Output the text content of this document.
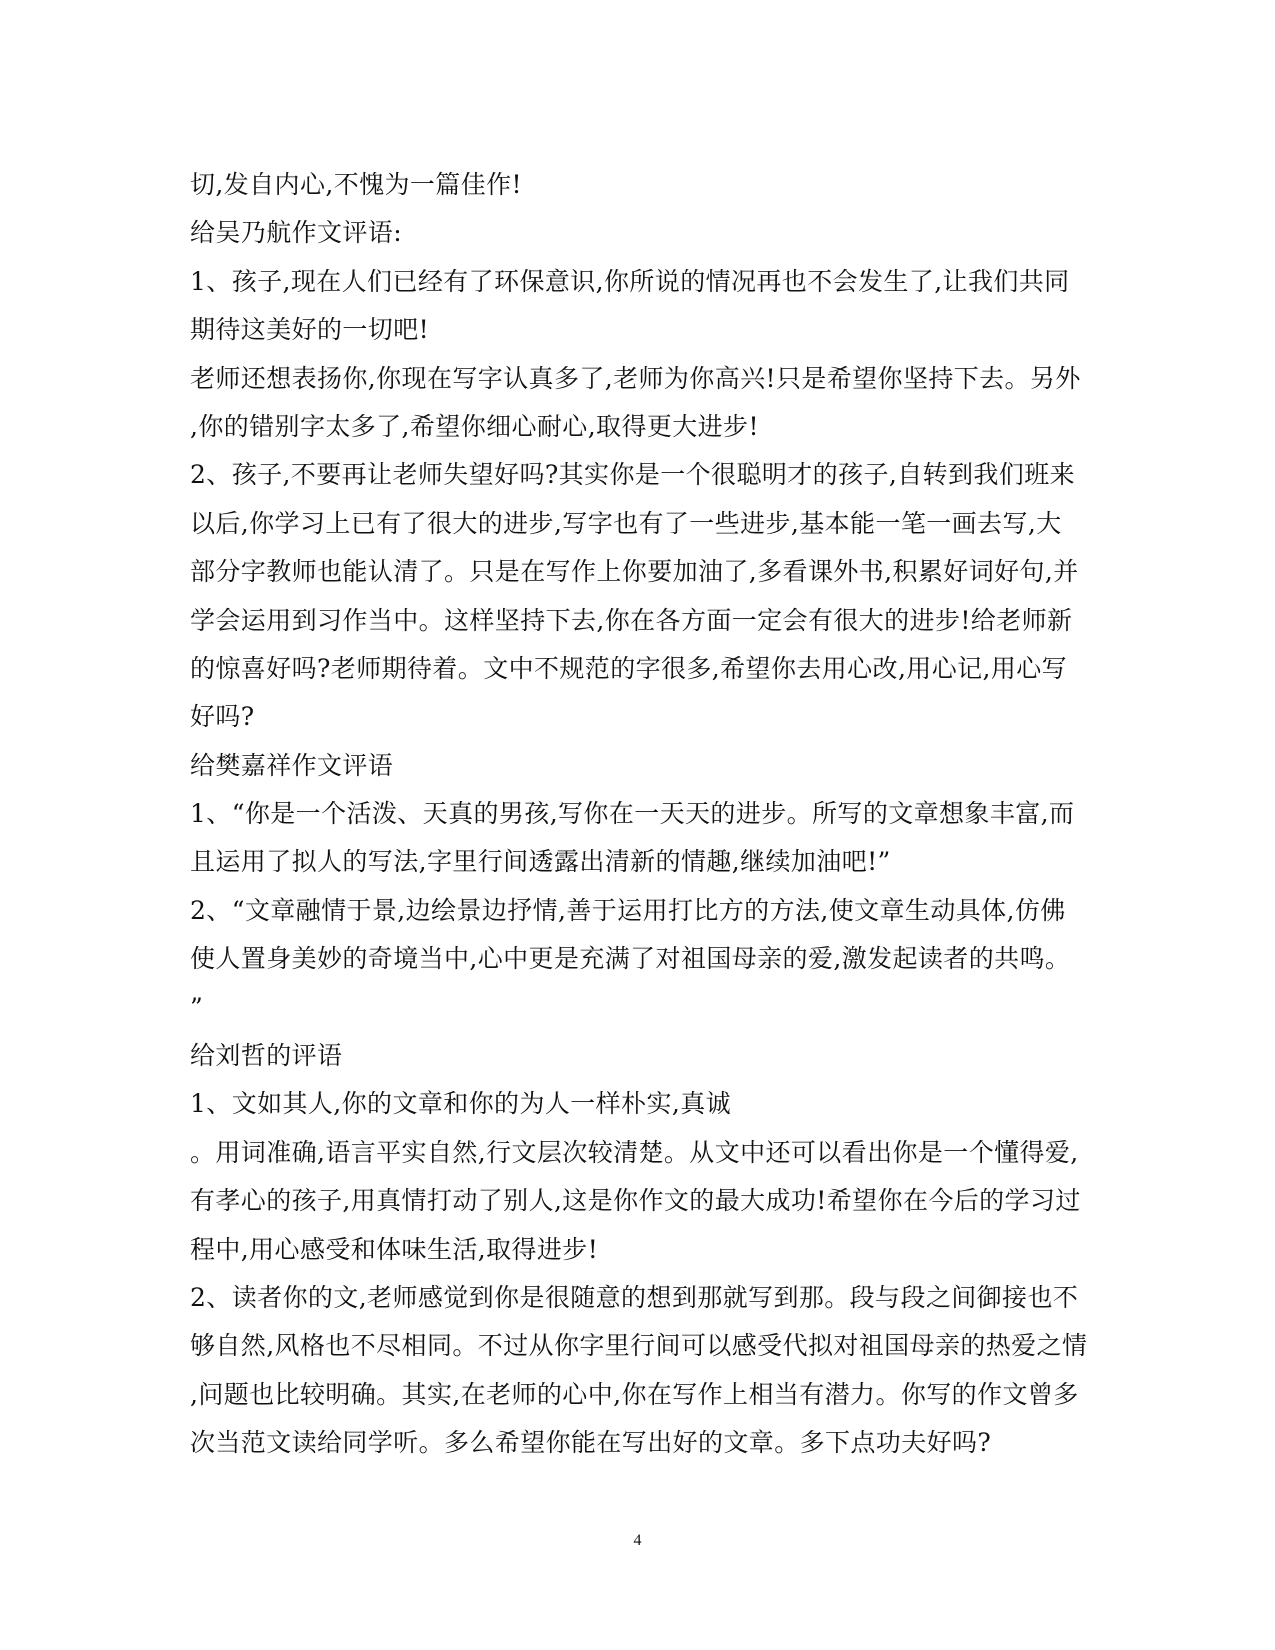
切,发自内心,不愧为一篇佳作!
给吴乃航作文评语:
1、孩子,现在人们已经有了环保意识,你所说的情况再也不会发生了,让我们共同
期待这美好的一切吧!
老师还想表扬你,你现在写字认真多了,老师为你高兴!只是希望你坚持下去。另外
,你的错别字太多了,希望你细心耐心,取得更大进步!
2、孩子,不要再让老师失望好吗?其实你是一个很聪明才的孩子,自转到我们班来
以后,你学习上已有了很大的进步,写字也有了一些进步,基本能一笔一画去写,大
部分字教师也能认清了。只是在写作上你要加油了,多看课外书,积累好词好句,并
学会运用到习作当中。这样坚持下去,你在各方面一定会有很大的进步!给老师新
的惊喜好吗?老师期待着。文中不规范的字很多,希望你去用心改,用心记,用心写
好吗?
给樊嘉祥作文评语
1、“你是一个活泼、天真的男孩,写你在一天天的进步。所写的文章想象丰富,而
且运用了拟人的写法,字里行间透露出清新的情趣,继续加油吧!”
2、“文章融情于景,边绘景边抒情,善于运用打比方的方法,使文章生动具体,仿佛
使人置身美妙的奇境当中,心中更是充满了对祖国母亲的爱,激发起读者的共鸣。
”
给刘哲的评语
1、文如其人,你的文章和你的为人一样朴实,真诚
。用词准确,语言平实自然,行文层次较清楚。从文中还可以看出你是一个懂得爱,
有孝心的孩子,用真情打动了别人,这是你作文的最大成功!希望你在今后的学习过
程中,用心感受和体味生活,取得进步!
2、读者你的文,老师感觉到你是很随意的想到那就写到那。段与段之间御接也不
够自然,风格也不尽相同。不过从你字里行间可以感受代拟对祖国母亲的热爱之情
,问题也比较明确。其实,在老师的心中,你在写作上相当有潜力。你写的作文曾多
次当范文读给同学听。多么希望你能在写出好的文章。多下点功夫好吗?
4
